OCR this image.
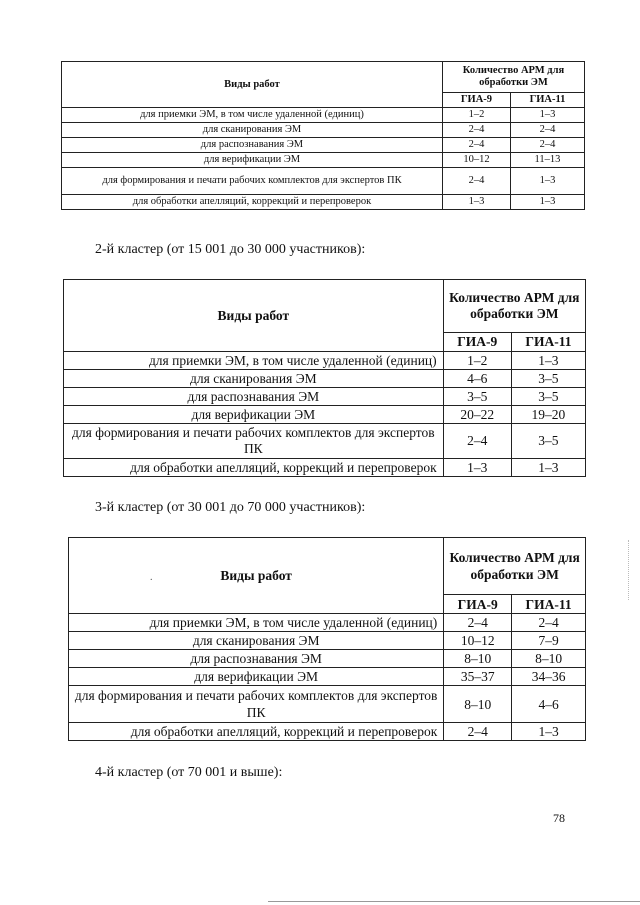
Виды работ	Количество АРМ для обработки ЭМ	
	ГИА-9	ГИА-11
для приемки ЭМ, в том числе удаленной (единиц)	1–2	1–3
для сканирования ЭМ	2–4	2–4
для распознавания ЭМ	2–4	2–4
для верификации ЭМ	10–12	11–13
для формирования и печати рабочих комплектов для экспертов ПК	2–4	1–3
для обработки апелляций, коррекций и перепроверок	1–3	1–3
2-й кластер (от 15 001 до 30 000 участников):
Виды работ	Количество АРМ для обработки ЭМ	
	ГИА-9	ГИА-11
для приемки ЭМ, в том числе удаленной (единиц)	1–2	1–3
для сканирования ЭМ	4–6	3–5
для распознавания ЭМ	3–5	3–5
для верификации ЭМ	20–22	19–20
для формирования и печати рабочих комплектов для экспертов ПК	2–4	3–5
для обработки апелляций, коррекций и перепроверок	1–3	1–3
3-й кластер (от 30 001 до 70 000 участников):
Виды работ	Количество АРМ для обработки ЭМ	
	ГИА-9	ГИА-11
для приемки ЭМ, в том числе удаленной (единиц)	2–4	2–4
для сканирования ЭМ	10–12	7–9
для распознавания ЭМ	8–10	8–10
для верификации ЭМ	35–37	34–36
для формирования и печати рабочих комплектов для экспертов ПК	8–10	4–6
для обработки апелляций, коррекций и перепроверок	2–4	1–3
.
4-й кластер (от 70 001 и выше):
78
